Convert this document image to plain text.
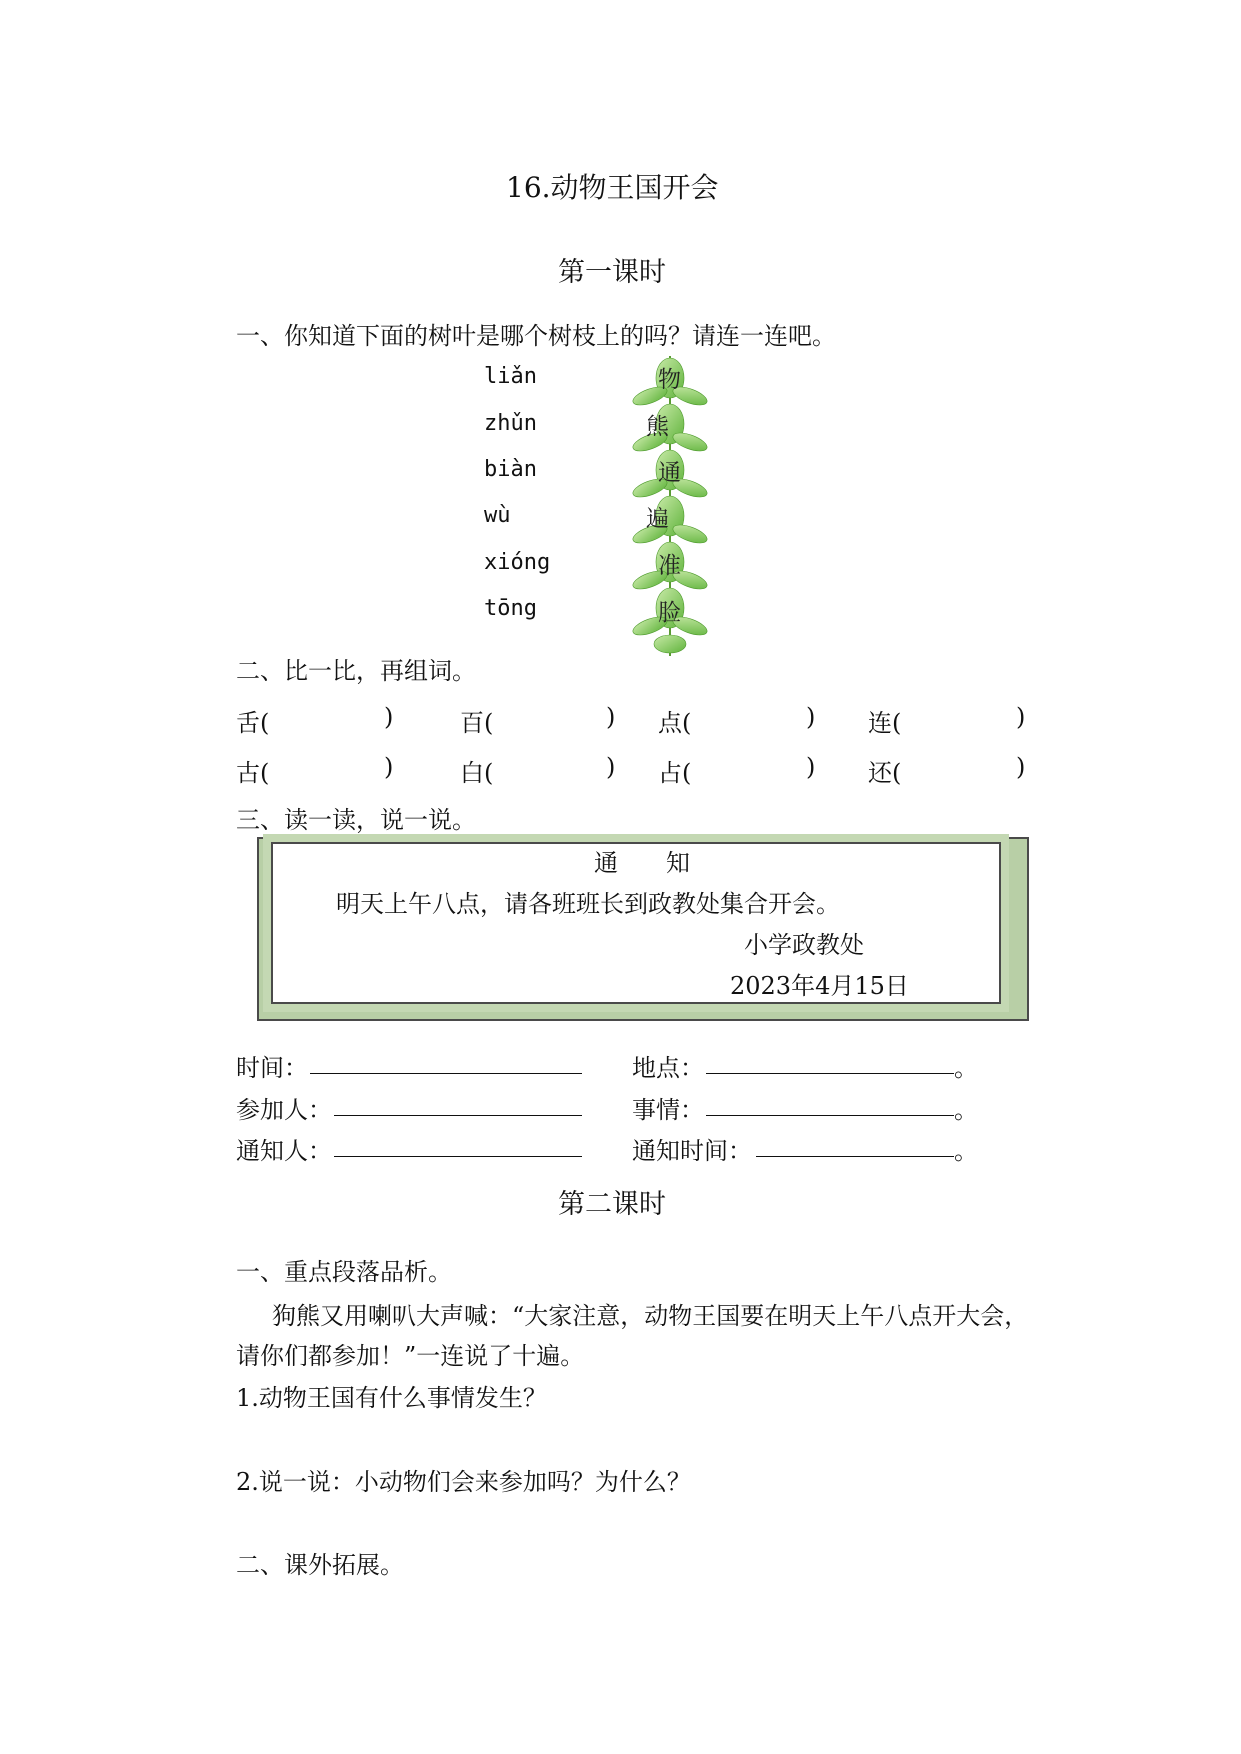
16.动物王国开会
第一课时
一、你知道下面的树叶是哪个树枝上的吗？请连一连吧。
liǎn
zhǔn
biàn
wù
xióng
tōng
物
熊
通
遍
准
脸
二、比一比，再组词。
舌(	)	百(	) 点(	) 连(	)
古(	)	白(	) 占(	) 还(	)
三、读一读，说一说。
通　　知
明天上午八点，请各班班长到政教处集合开会。
小学政教处
2023年4月15日
时间：	地点：	。
参加人：	事情：	。
通知人：	通知时间：	。
第二课时
一、重点段落品析。
狗熊又用喇叭大声喊：“大家注意，动物王国要在明天上午八点开大会，
请你们都参加！”一连说了十遍。
1.动物王国有什么事情发生？
2.说一说：小动物们会来参加吗？为什么？
二、课外拓展。
